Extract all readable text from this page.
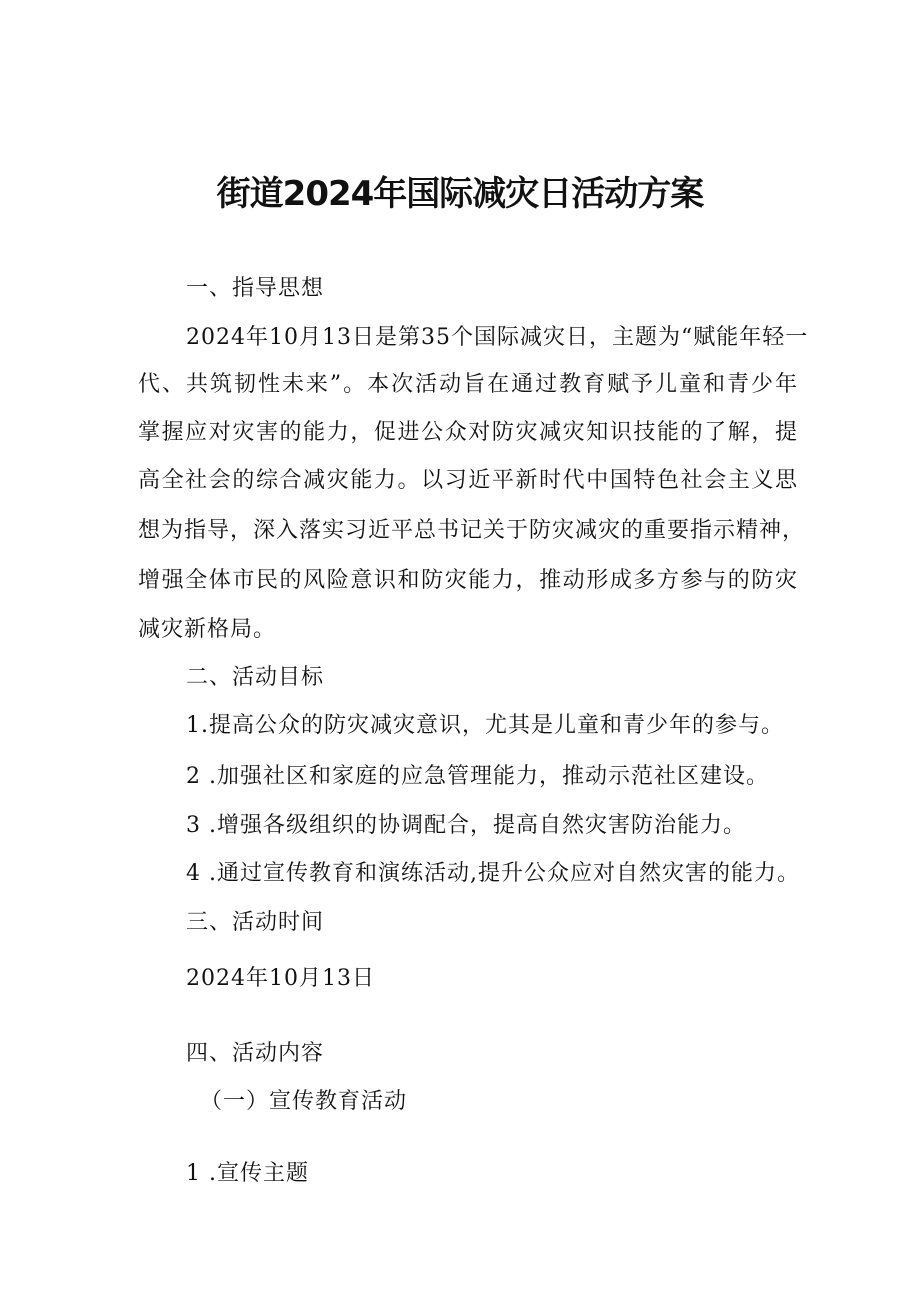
街道2024年国际减灾日活动方案
一、指导思想
2024年10月13日是第35个国际减灾日，主题为“赋能年轻一
代、共筑韧性未来”。本次活动旨在通过教育赋予儿童和青少年
掌握应对灾害的能力，促进公众对防灾减灾知识技能的了解，提
高全社会的综合减灾能力。以习近平新时代中国特色社会主义思
想为指导，深入落实习近平总书记关于防灾减灾的重要指示精神，
增强全体市民的风险意识和防灾能力，推动形成多方参与的防灾
减灾新格局。
二、活动目标
1.提高公众的防灾减灾意识，尤其是儿童和青少年的参与。
2 .加强社区和家庭的应急管理能力，推动示范社区建设。
3 .增强各级组织的协调配合，提高自然灾害防治能力。
4 .通过宣传教育和演练活动,提升公众应对自然灾害的能力。
三、活动时间
2024年10月13日
四、活动内容
（一）宣传教育活动
1 .宣传主题
